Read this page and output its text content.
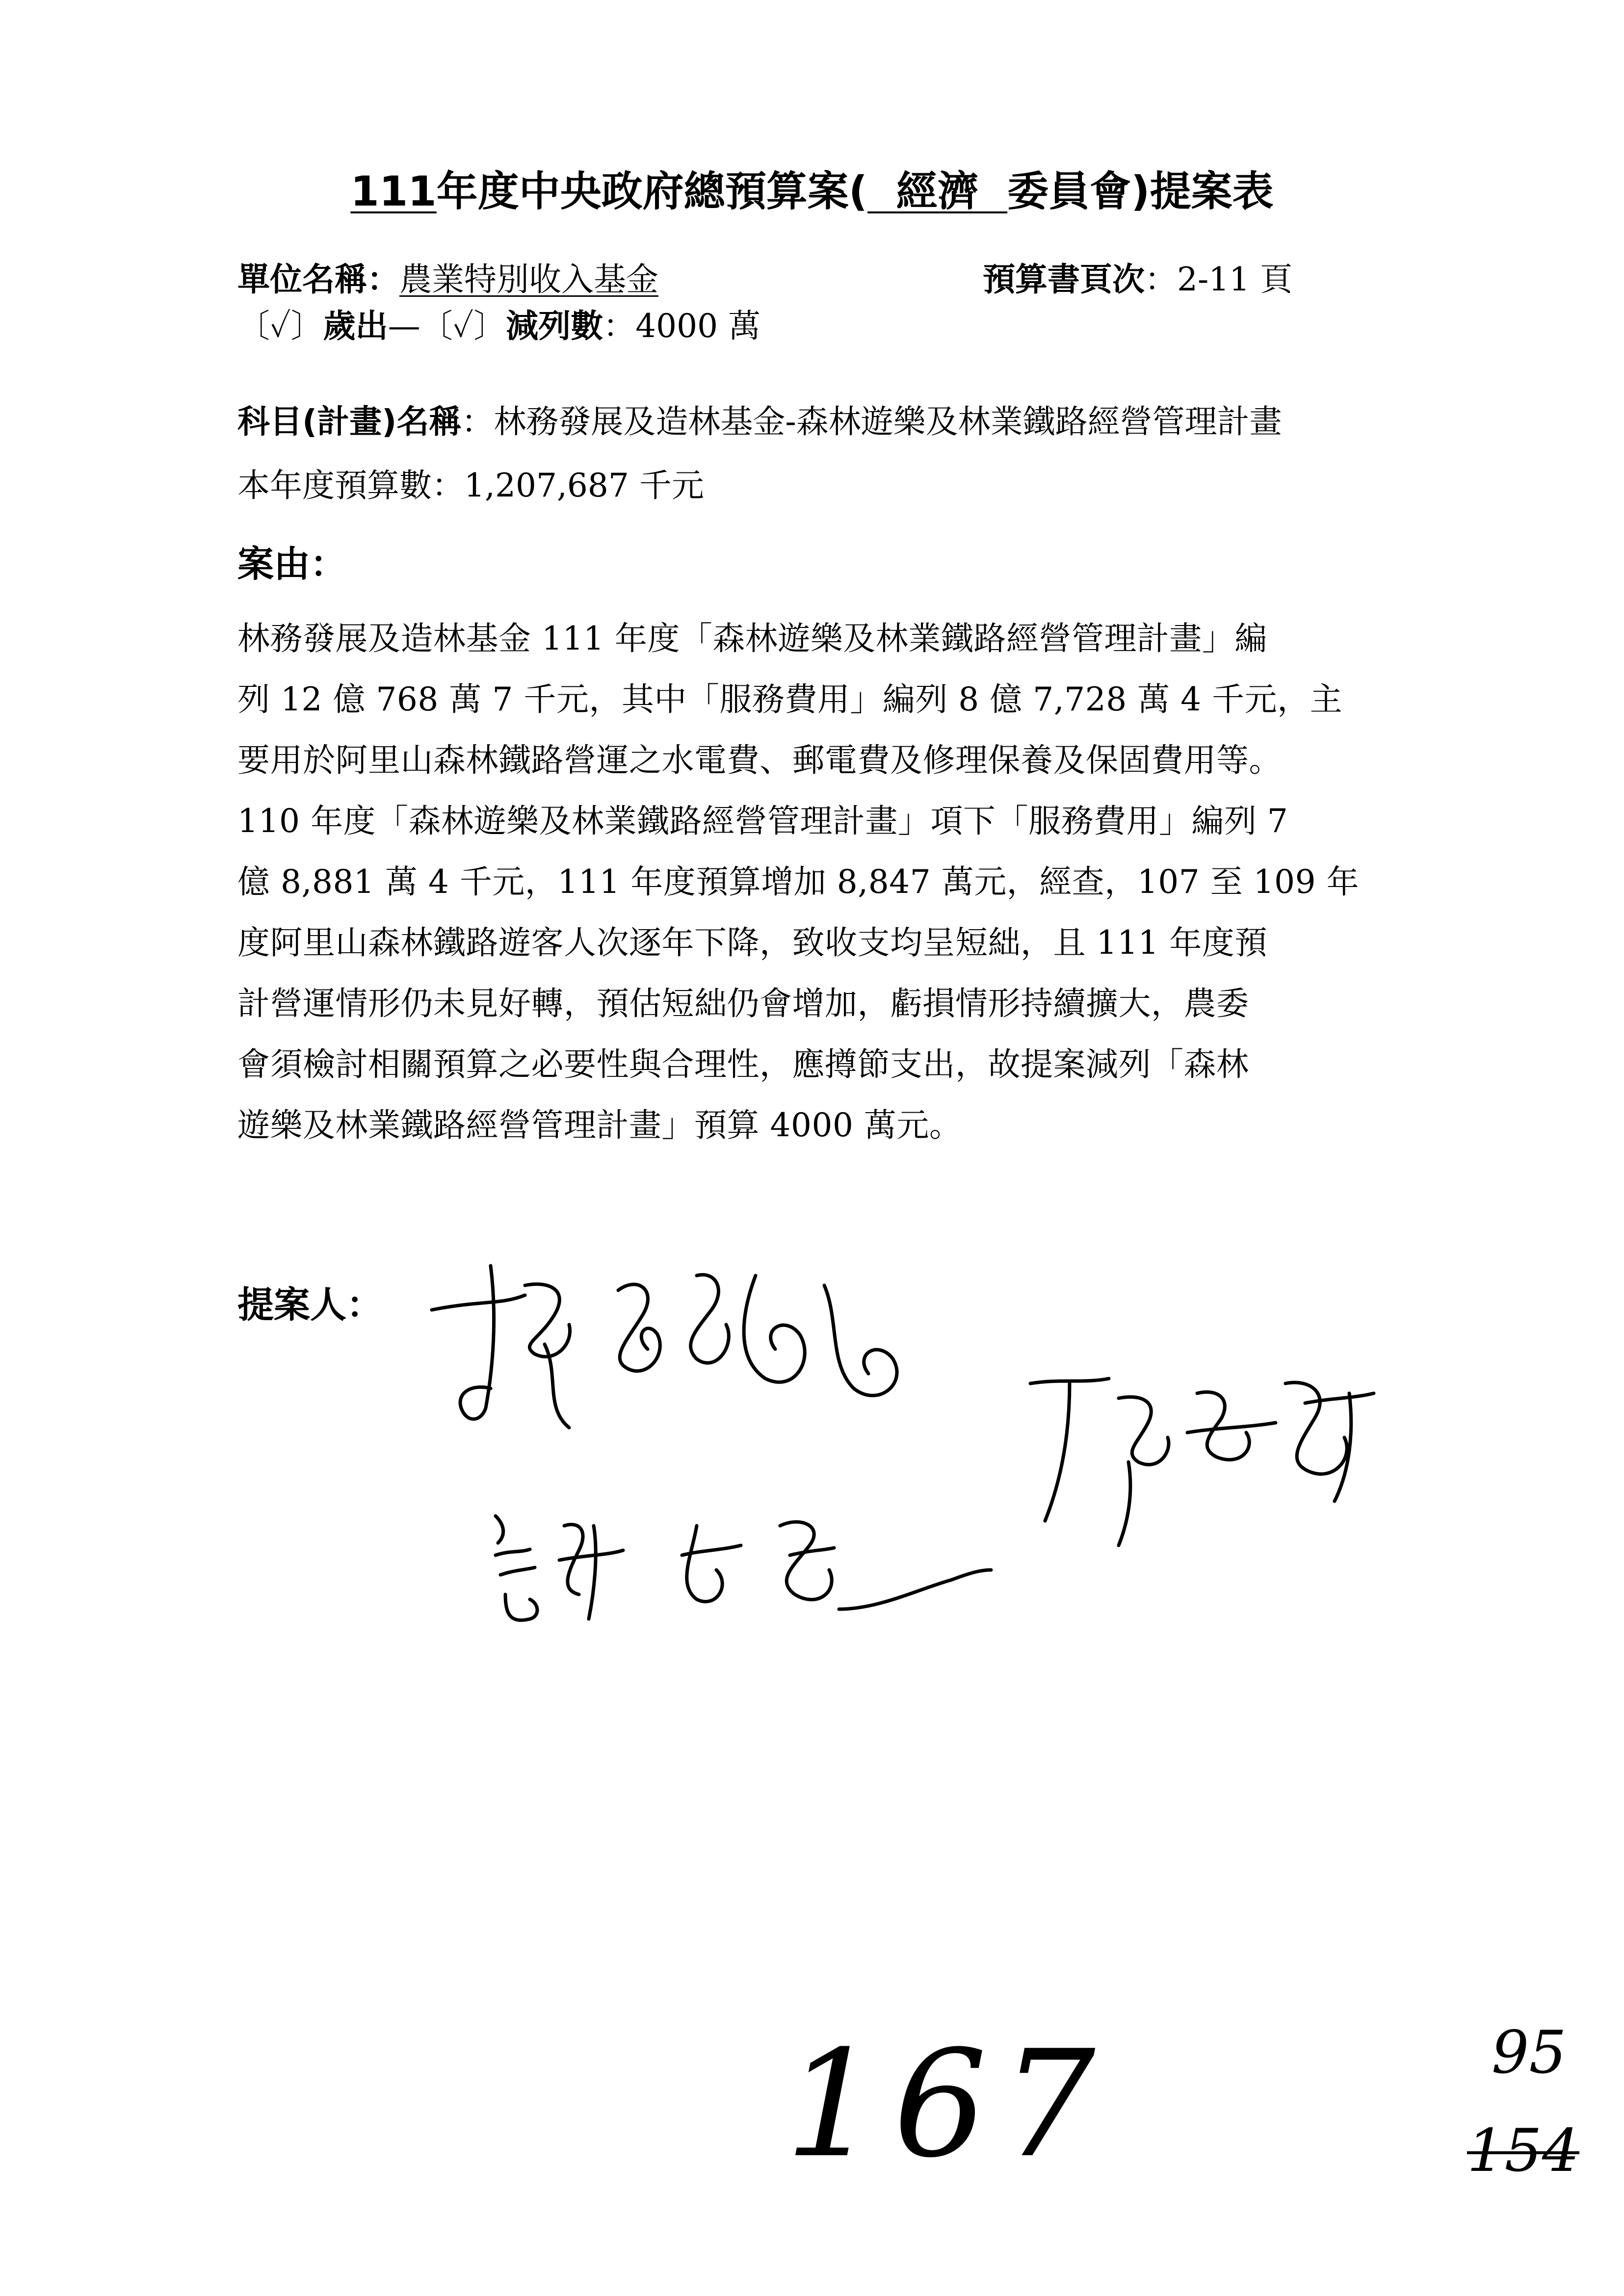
111年度中央政府總預算案( 經濟 委員會)提案表
單位名稱：農業特別收入基金	預算書頁次：2-11 頁
〔✓〕歲出—〔✓〕減列數：4000 萬
科目(計畫)名稱：林務發展及造林基金-森林遊樂及林業鐵路經營管理計畫
本年度預算數：1,207,687 千元
案由：
林務發展及造林基金 111 年度「森林遊樂及林業鐵路經營管理計畫」編
列 12 億 768 萬 7 千元，其中「服務費用」編列 8 億 7,728 萬 4 千元，主
要用於阿里山森林鐵路營運之水電費、郵電費及修理保養及保固費用等。
110 年度「森林遊樂及林業鐵路經營管理計畫」項下「服務費用」編列 7
億 8,881 萬 4 千元，111 年度預算增加 8,847 萬元，經查，107 至 109 年
度阿里山森林鐵路遊客人次逐年下降，致收支均呈短絀，且 111 年度預
計營運情形仍未見好轉，預估短絀仍會增加，虧損情形持續擴大，農委
會須檢討相關預算之必要性與合理性，應撙節支出，故提案減列「森林
遊樂及林業鐵路經營管理計畫」預算 4000 萬元。
提案人：
167	95
154
